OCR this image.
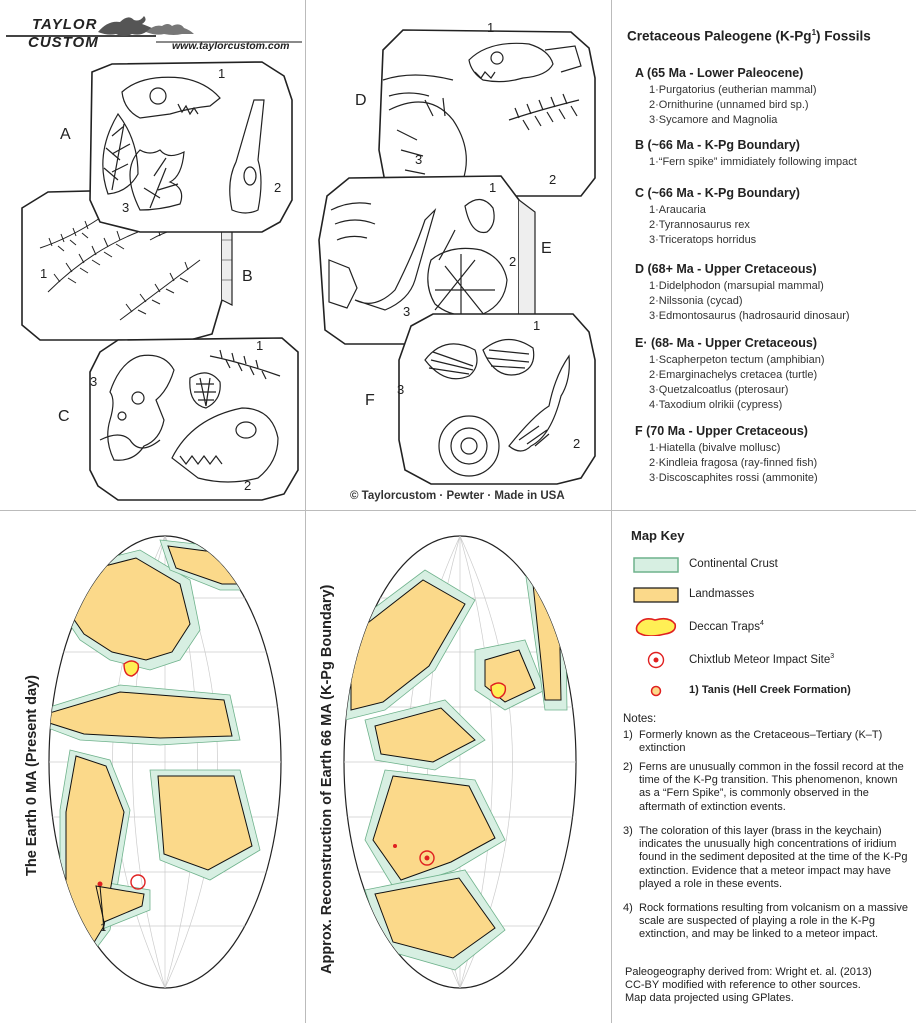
TAYLOR
CUSTOM	www.taylorcustom.com
A
1
2
3
B
1
C
1
2
3
D
1
2
3
E
1
2
3
F
1
2
3
© Taylorcustom · Pewter · Made in USA
Cretaceous Paleogene (K-Pg$^1$) Fossils
A (65 Ma - Lower Paleocene)
1·Purgatorius (eutherian mammal)
2·Ornithurine (unnamed bird sp.)
3·Sycamore and Magnolia
B (~66 Ma - K-Pg Boundary)
1·“Fern spike” immidiately following impact
C (~66 Ma - K-Pg Boundary)
1·Araucaria
2·Tyrannosaurus rex
3·Triceratops horridus
D (68+ Ma - Upper Cretaceous)
1·Didelphodon (marsupial mammal)
2·Nilssonia (cycad)
3·Edmontosaurus (hadrosaurid dinosaur)
E· (68- Ma - Upper Cretaceous)
1·Scapherpeton tectum (amphibian)
2·Emarginachelys cretacea (turtle)
3·Quetzalcoatlus (pterosaur)
4·Taxodium olrikii (cypress)
F (70 Ma - Upper Cretaceous)
1·Hiatella (bivalve mollusc)
2·Kindleia fragosa (ray-finned fish)
3·Discoscaphites rossi (ammonite)
The Earth 0 MA (Present day)
1	Approx. Reconstruction of Earth 66 MA (K-Pg Boundary)
Map Key
Continental Crust
Landmasses
Deccan Traps$^4$
Chixtlub Meteor Impact Site$^3$
1) Tanis (Hell Creek Formation)
Notes:
1) Formerly known as the Cretaceous–Tertiary (K–T) extinction
2) Ferns are unusually common in the fossil record at the time of the K-Pg transition. This phenomenon, known as a “Fern Spike”, is commonly observed in the aftermath of extinction events.
3) The coloration of this layer (brass in the keychain) indicates the unusually high concentrations of iridium found in the sediment deposited at the time of the K-Pg extinction. Evidence that a meteor impact may have played a role in these events.
4) Rock formations resulting from volcanism on a massive scale are suspected of playing a role in the K-Pg extinction, and may be linked to a meteor impact.
Paleogeography derived from: Wright et. al. (2013)
CC-BY modified with reference to other sources.
Map data projected using GPlates.
